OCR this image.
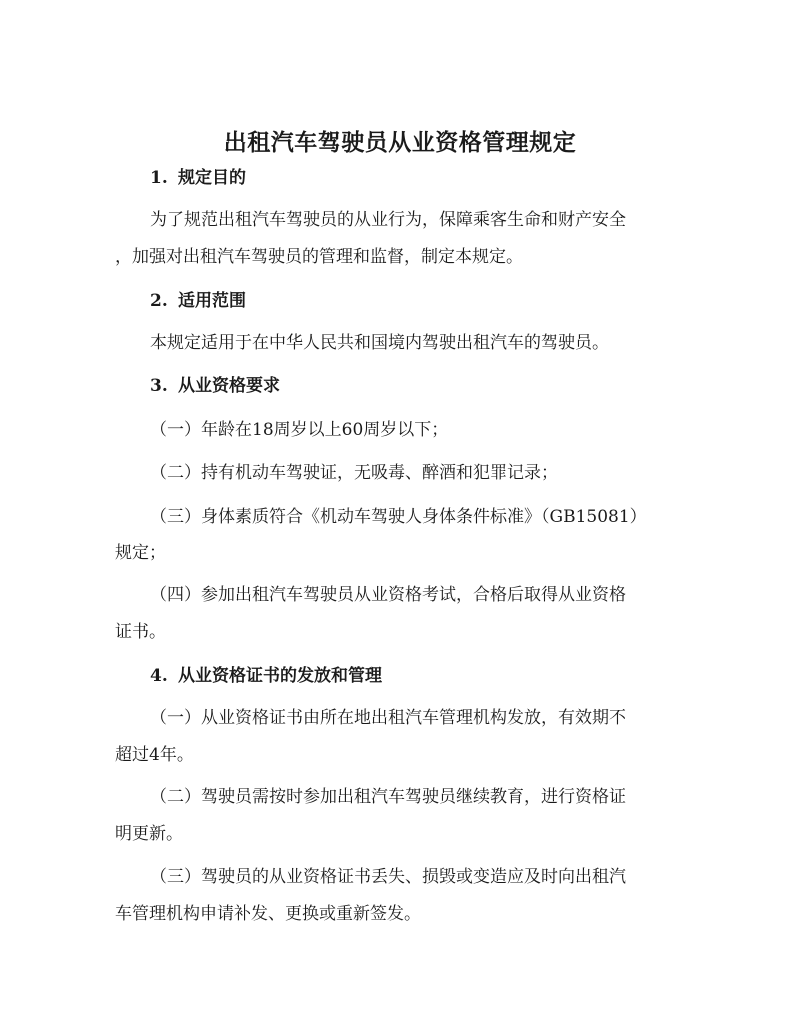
出租汽车驾驶员从业资格管理规定
1. 规定目的
为了规范出租汽车驾驶员的从业行为，保障乘客生命和财产安全
，加强对出租汽车驾驶员的管理和监督，制定本规定。
2. 适用范围
本规定适用于在中华人民共和国境内驾驶出租汽车的驾驶员。
3. 从业资格要求
（一）年龄在18周岁以上60周岁以下；
（二）持有机动车驾驶证，无吸毒、醉酒和犯罪记录；
（三）身体素质符合《机动车驾驶人身体条件标准》（GB15081）
规定；
（四）参加出租汽车驾驶员从业资格考试，合格后取得从业资格
证书。
4. 从业资格证书的发放和管理
（一）从业资格证书由所在地出租汽车管理机构发放，有效期不
超过4年。
（二）驾驶员需按时参加出租汽车驾驶员继续教育，进行资格证
明更新。
（三）驾驶员的从业资格证书丢失、损毁或变造应及时向出租汽
车管理机构申请补发、更换或重新签发。
